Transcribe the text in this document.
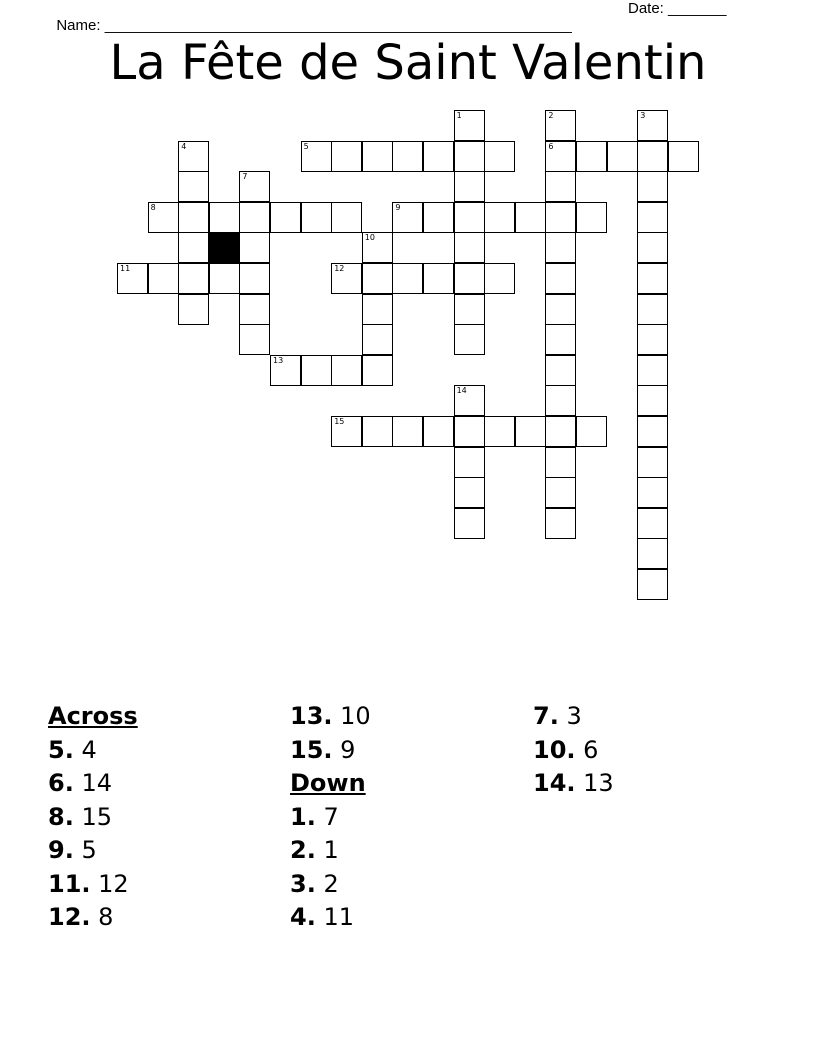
Name: ________________________________________________________

Date: _______

La Fête de Saint Valentin
1	2
6
3
4	5
7
8	9
10
11	12
13
14
15
Across
5. 4
6. 14
8. 15
9. 5
11. 12
12. 8
13. 10
15. 9
Down
1. 7
2. 1
3. 2
4. 11
7. 3
10. 6
14. 13
